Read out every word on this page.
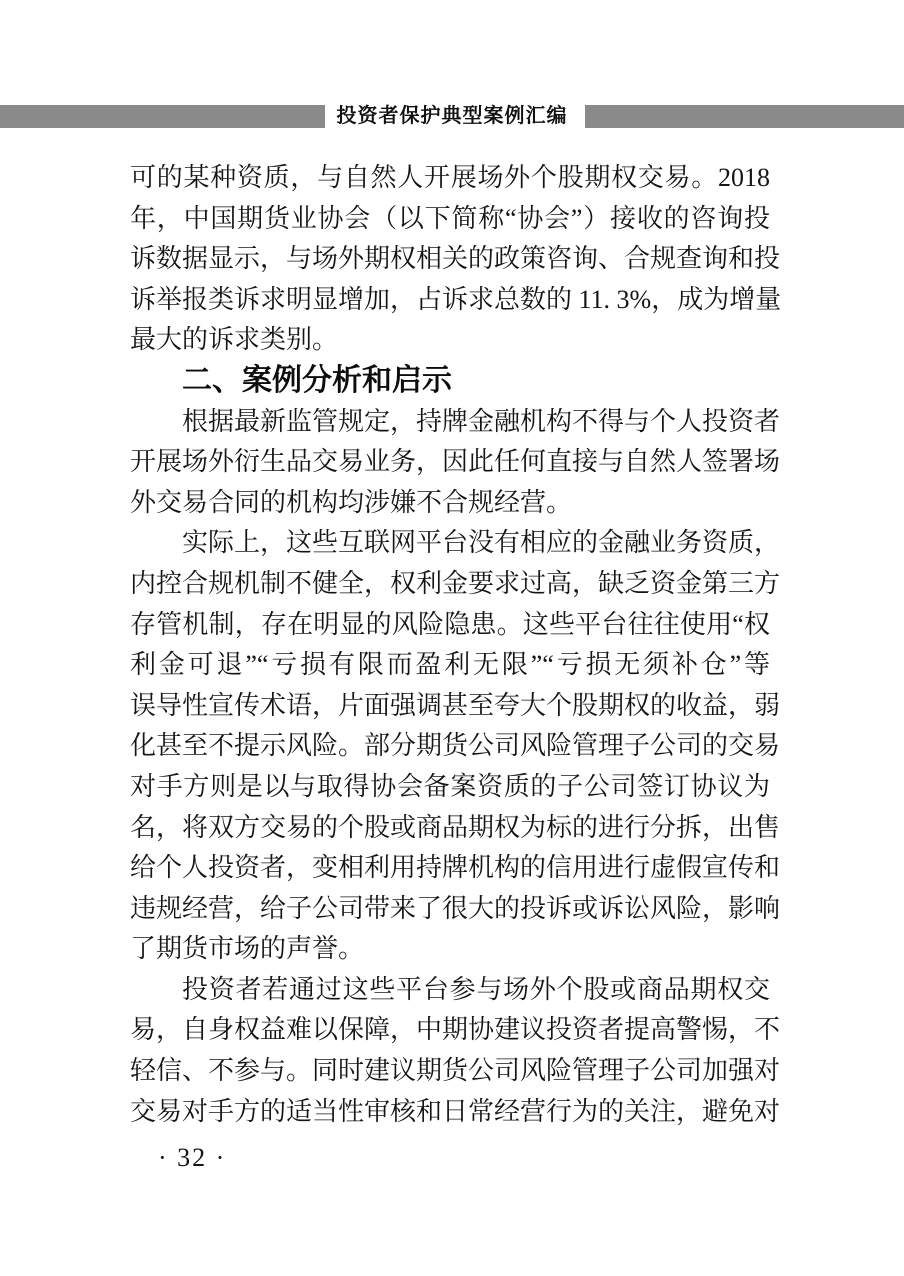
投资者保护典型案例汇编
可的某种资质，与自然人开展场外个股期权交易。2018
年，中国期货业协会（以下简称“协会”）接收的咨询投
诉数据显示，与场外期权相关的政策咨询、合规查询和投
诉举报类诉求明显增加，占诉求总数的 11. 3%，成为增量
最大的诉求类别。
二、案例分析和启示
根据最新监管规定，持牌金融机构不得与个人投资者
开展场外衍生品交易业务，因此任何直接与自然人签署场
外交易合同的机构均涉嫌不合规经营。
实际上，这些互联网平台没有相应的金融业务资质，
内控合规机制不健全，权利金要求过高，缺乏资金第三方
存管机制，存在明显的风险隐患。这些平台往往使用“权
利金可退”“亏损有限而盈利无限”“亏损无须补仓”等
误导性宣传术语，片面强调甚至夸大个股期权的收益，弱
化甚至不提示风险。部分期货公司风险管理子公司的交易
对手方则是以与取得协会备案资质的子公司签订协议为
名，将双方交易的个股或商品期权为标的进行分拆，出售
给个人投资者，变相利用持牌机构的信用进行虚假宣传和
违规经营，给子公司带来了很大的投诉或诉讼风险，影响
了期货市场的声誉。
投资者若通过这些平台参与场外个股或商品期权交
易，自身权益难以保障，中期协建议投资者提高警惕，不
轻信、不参与。同时建议期货公司风险管理子公司加强对
交易对手方的适当性审核和日常经营行为的关注，避免对
· 32 ·
